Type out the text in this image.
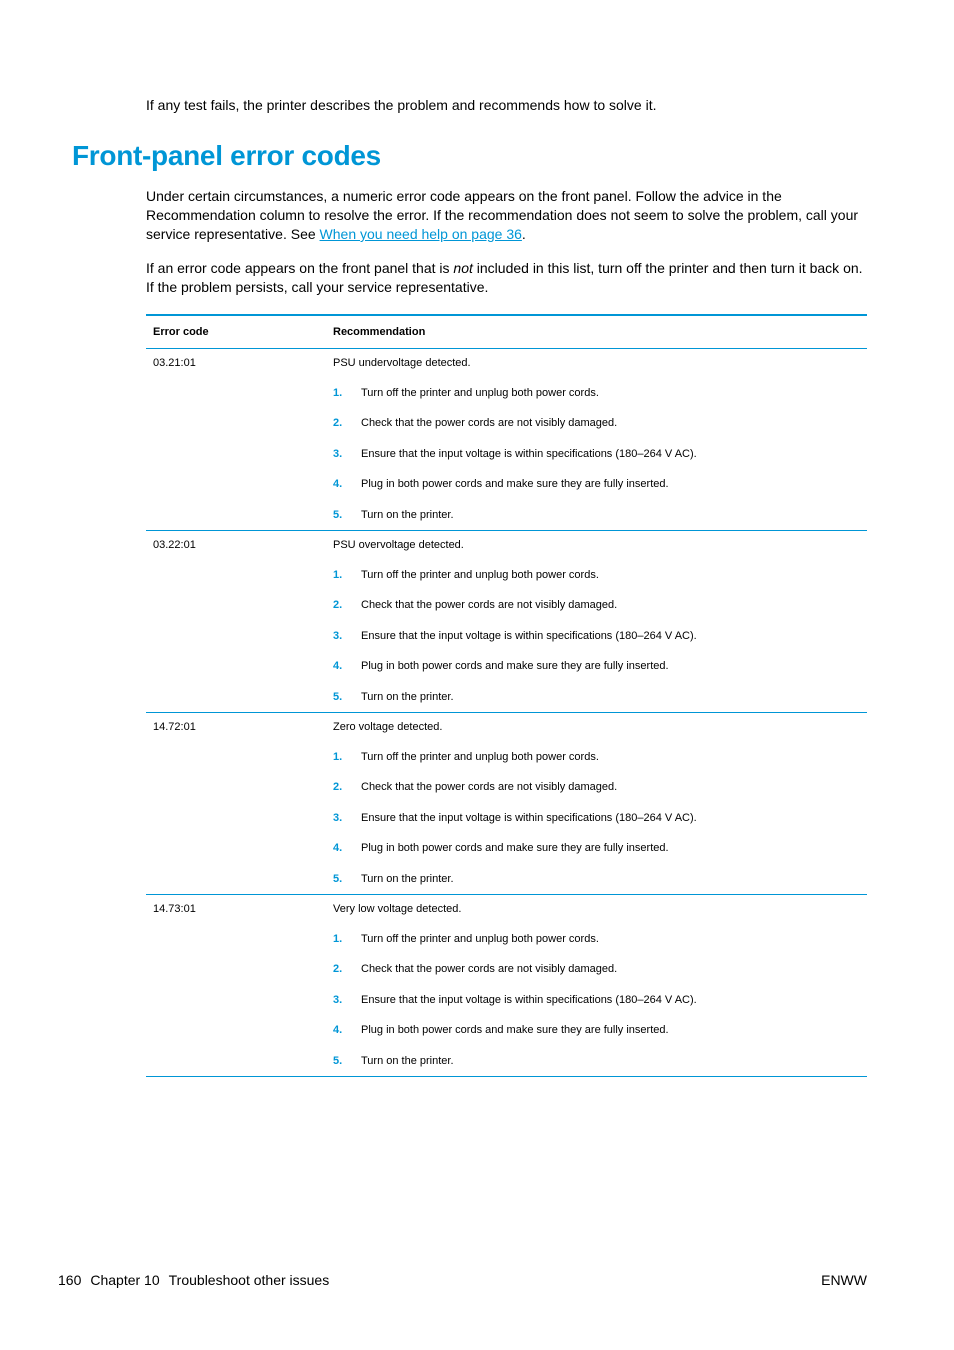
If any test fails, the printer describes the problem and recommends how to solve it.
Front-panel error codes
Under certain circumstances, a numeric error code appears on the front panel. Follow the advice in the Recommendation column to resolve the error. If the recommendation does not seem to solve the problem, call your service representative. See When you need help on page 36.
If an error code appears on the front panel that is not included in this list, turn off the printer and then turn it back on. If the problem persists, call your service representative.
Error code	Recommendation
03.21:01	PSU undervoltage detected.
1. Turn off the printer and unplug both power cords.
2. Check that the power cords are not visibly damaged.
3. Ensure that the input voltage is within specifications (180–264 V AC).
4. Plug in both power cords and make sure they are fully inserted.
5. Turn on the printer.
03.22:01	PSU overvoltage detected.
1. Turn off the printer and unplug both power cords.
2. Check that the power cords are not visibly damaged.
3. Ensure that the input voltage is within specifications (180–264 V AC).
4. Plug in both power cords and make sure they are fully inserted.
5. Turn on the printer.
14.72:01	Zero voltage detected.
1. Turn off the printer and unplug both power cords.
2. Check that the power cords are not visibly damaged.
3. Ensure that the input voltage is within specifications (180–264 V AC).
4. Plug in both power cords and make sure they are fully inserted.
5. Turn on the printer.
14.73:01	Very low voltage detected.
1. Turn off the printer and unplug both power cords.
2. Check that the power cords are not visibly damaged.
3. Ensure that the input voltage is within specifications (180–264 V AC).
4. Plug in both power cords and make sure they are fully inserted.
5. Turn on the printer.
160 Chapter 10 Troubleshoot other issues	ENWW
